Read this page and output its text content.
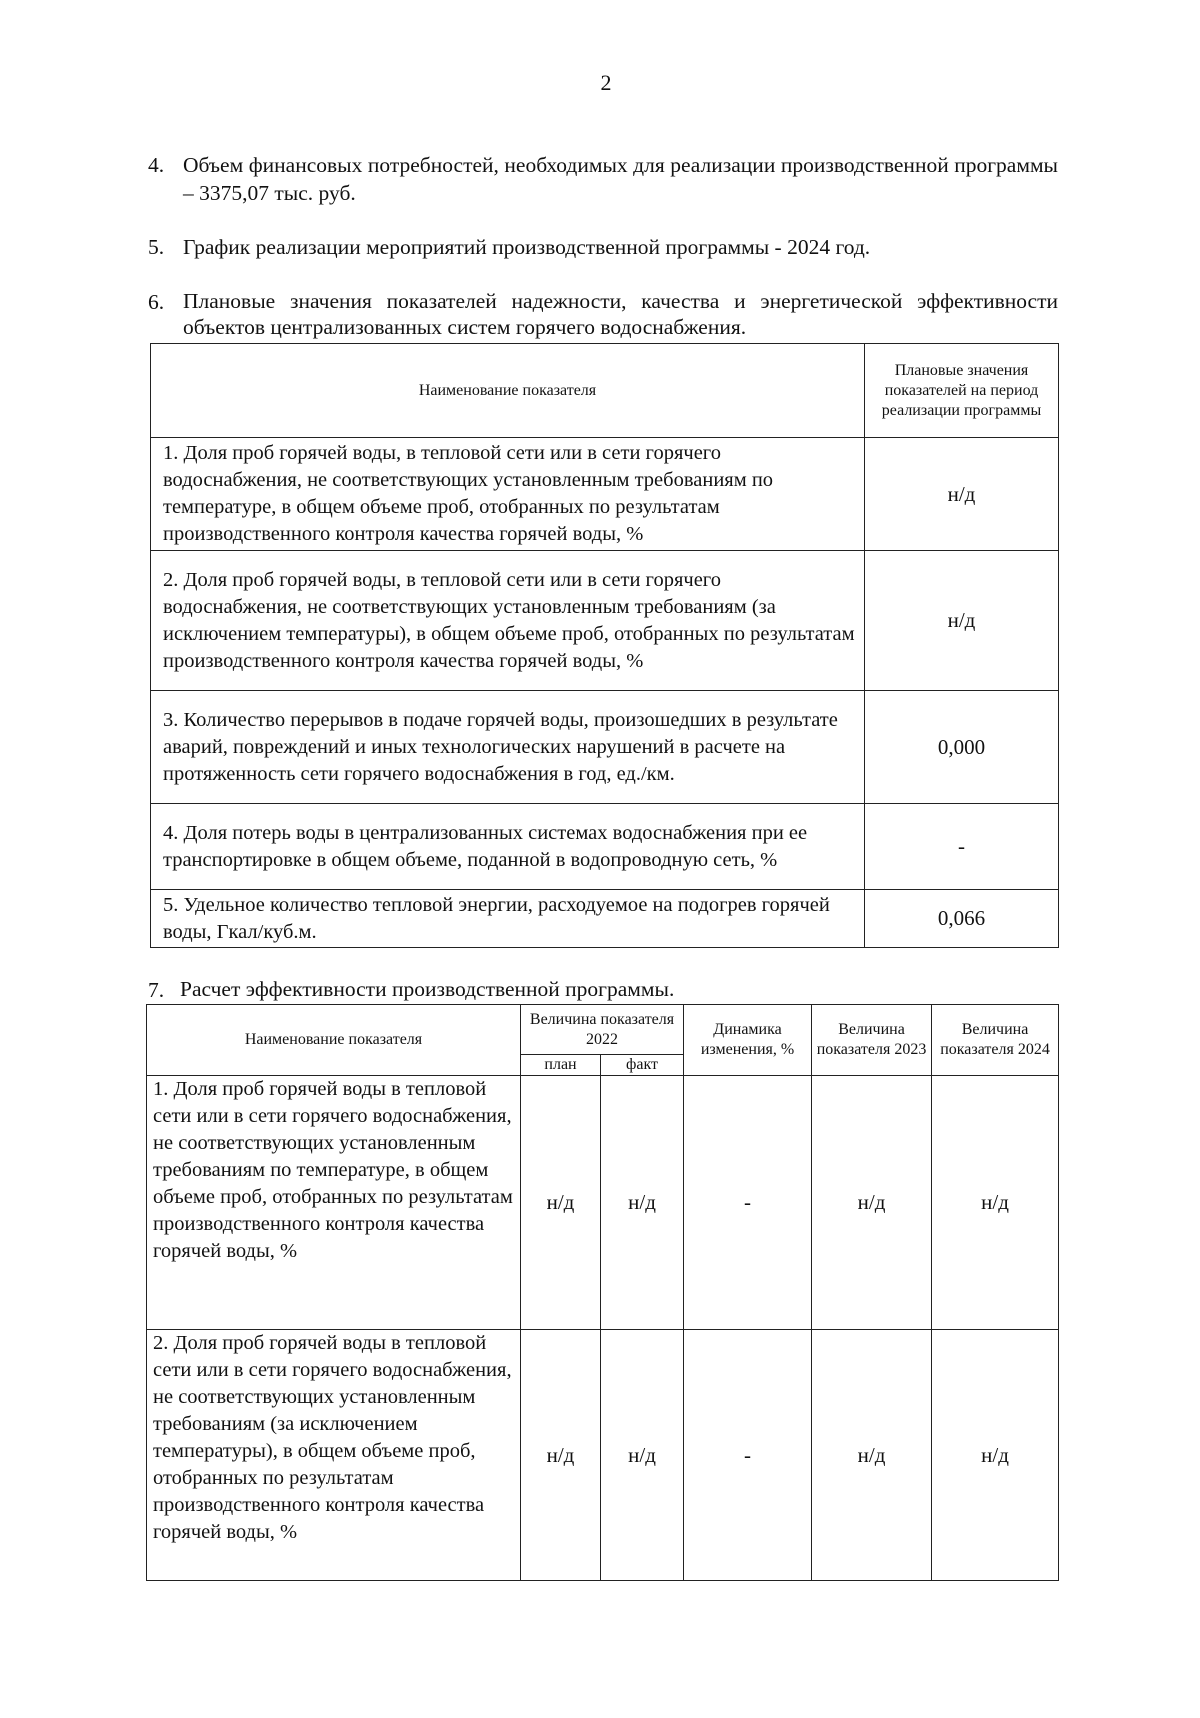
2
4. Объем финансовых потребностей, необходимых для реализации производственной программы – 3375,07 тыс. руб.
5. График реализации мероприятий производственной программы - 2024 год.
6. Плановые значения показателей надежности, качества и энергетической эффективности объектов централизованных систем горячего водоснабжения.
Наименование показателя	Плановые значения показателей на период реализации программы
1. Доля проб горячей воды, в тепловой сети или в сети горячего водоснабжения, не соответствующих установленным требованиям по температуре, в общем объеме проб, отобранных по результатам производственного контроля качества горячей воды, %	н/д
2. Доля проб горячей воды, в тепловой сети или в сети горячего водоснабжения, не соответствующих установленным требованиям (за исключением температуры), в общем объеме проб, отобранных по результатам производственного контроля качества горячей воды, %	н/д
3. Количество перерывов в подаче горячей воды, произошедших в результате аварий, повреждений и иных технологических нарушений в расчете на протяженность сети горячего водоснабжения в год, ед./км.	0,000
4. Доля потерь воды в централизованных системах водоснабжения при ее транспортировке в общем объеме, поданной в водопроводную сеть, %	-
5. Удельное количество тепловой энергии, расходуемое на подогрев горячей воды, Гкал/куб.м.	0,066
7. Расчет эффективности производственной программы.
Наименование показателя	Величина показателя 2022		Динамика изменения, %	Величина показателя 2023	Величина показателя 2024
	план	факт			
1. Доля проб горячей воды в тепловой сети или в сети горячего водоснабжения, не соответствующих установленным требованиям по температуре, в общем объеме проб, отобранных по результатам производственного контроля качества горячей воды, %	н/д	н/д	-	н/д	н/д
2. Доля проб горячей воды в тепловой сети или в сети горячего водоснабжения, не соответствующих установленным требованиям (за исключением температуры), в общем объеме проб, отобранных по результатам производственного контроля качества горячей воды, %	н/д	н/д	-	н/д	н/д
